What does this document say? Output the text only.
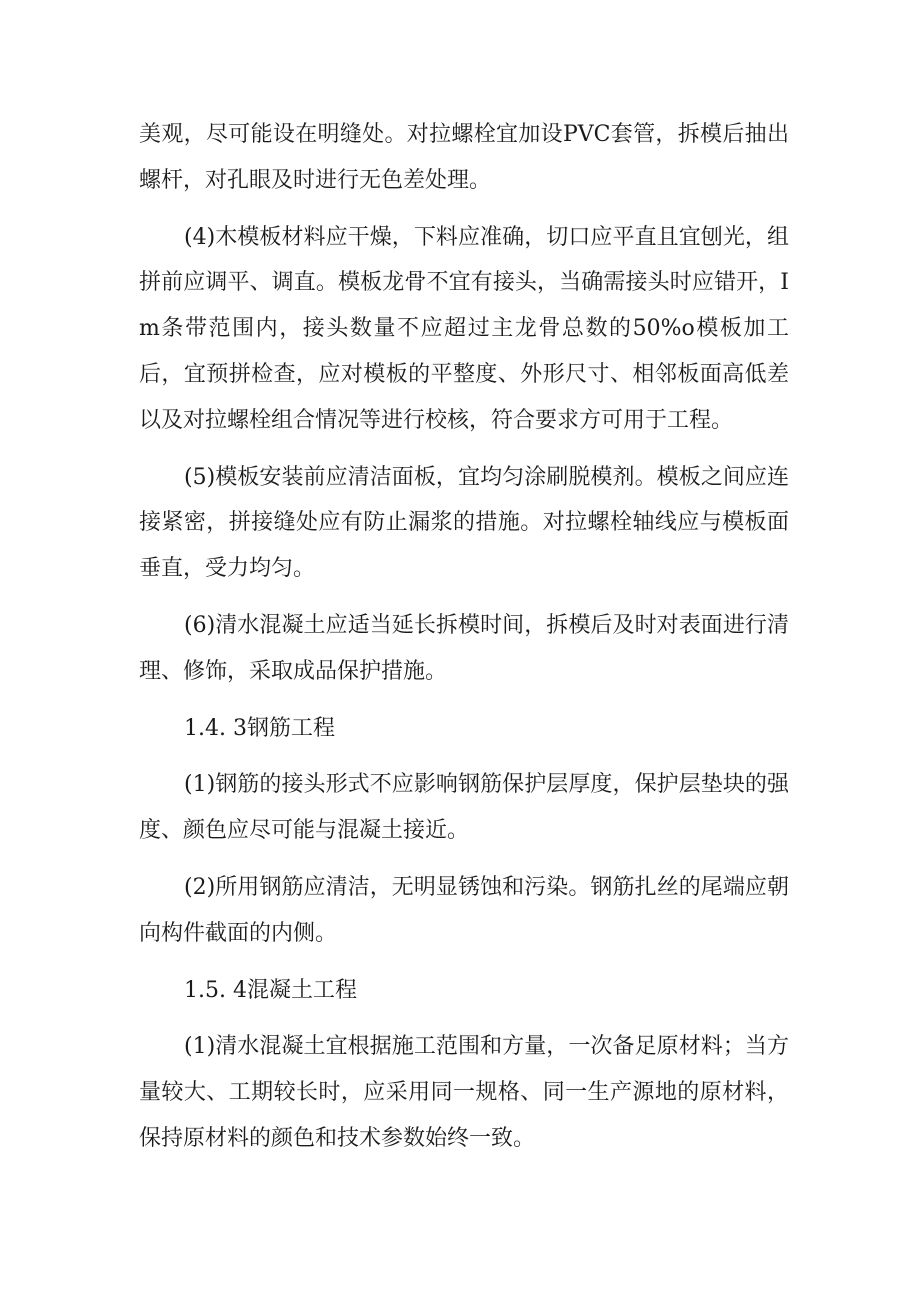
美观，尽可能设在明缝处。对拉螺栓宜加设PVC套管，拆模后抽出螺杆，对孔眼及时进行无色差处理。

(4)木模板材料应干燥，下料应准确，切口应平直且宜刨光，组拼前应调平、调直。模板龙骨不宜有接头，当确需接头时应错开，Im条带范围内，接头数量不应超过主龙骨总数的50%o模板加工后，宜预拼检查，应对模板的平整度、外形尺寸、相邻板面高低差以及对拉螺栓组合情况等进行校核，符合要求方可用于工程。

(5)模板安装前应清洁面板，宜均匀涂刷脱模剂。模板之间应连接紧密，拼接缝处应有防止漏浆的措施。对拉螺栓轴线应与模板面垂直，受力均匀。

(6)清水混凝土应适当延长拆模时间，拆模后及时对表面进行清理、修饰，采取成品保护措施。

1.4. 3钢筋工程

(1)钢筋的接头形式不应影响钢筋保护层厚度，保护层垫块的强度、颜色应尽可能与混凝土接近。

(2)所用钢筋应清洁，无明显锈蚀和污染。钢筋扎丝的尾端应朝向构件截面的内侧。

1.5. 4混凝土工程

(1)清水混凝土宜根据施工范围和方量，一次备足原材料；当方量较大、工期较长时，应采用同一规格、同一生产源地的原材料，保持原材料的颜色和技术参数始终一致。
